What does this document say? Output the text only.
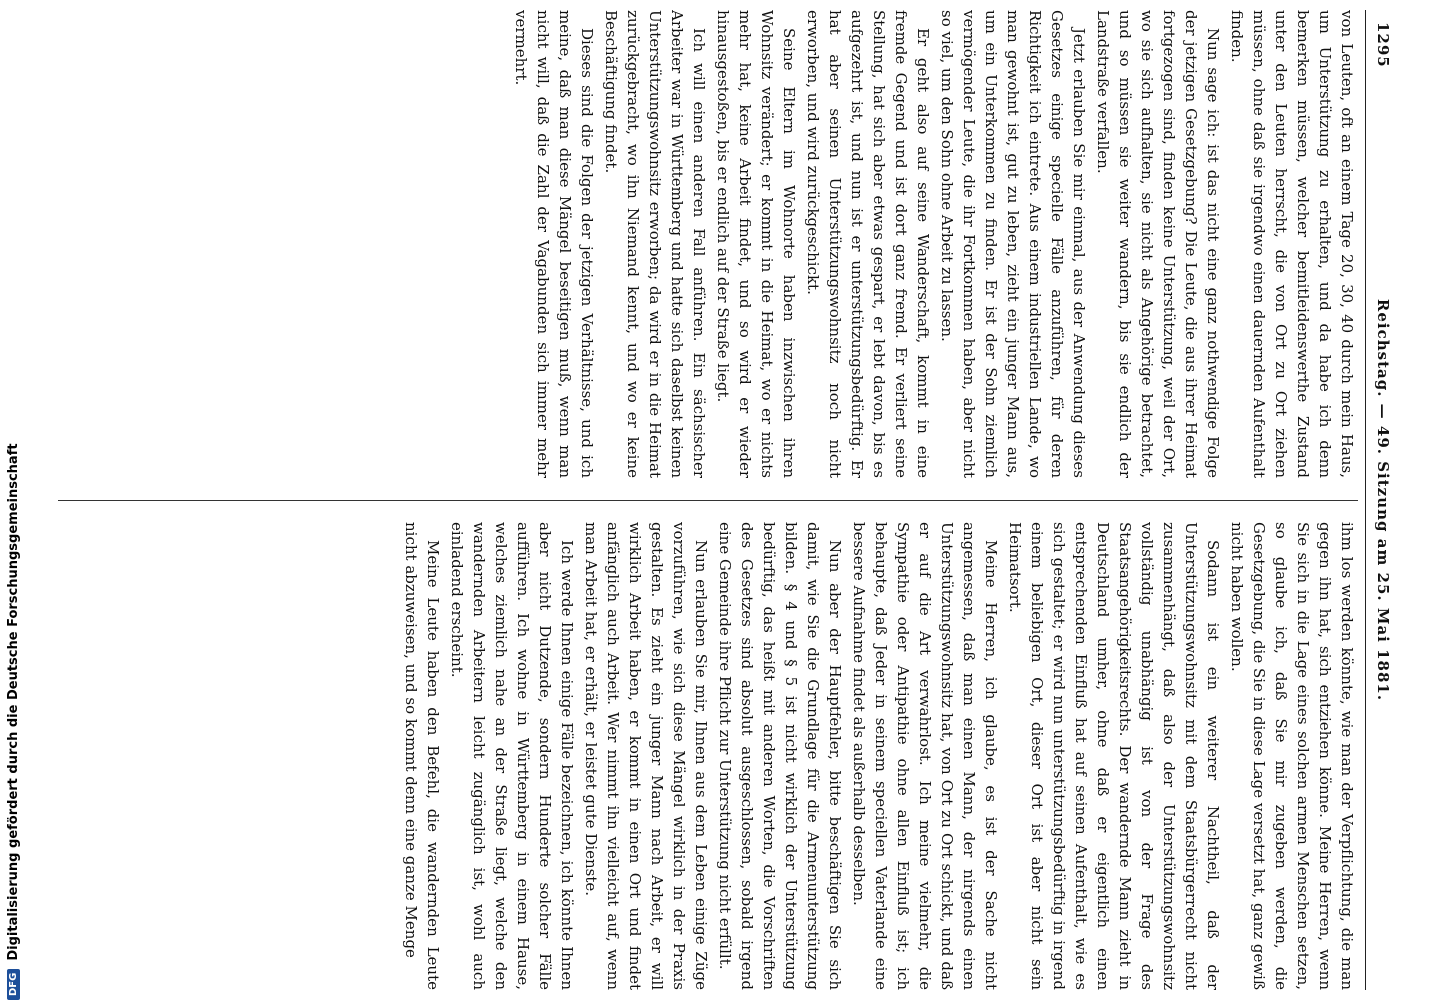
1295
Reichstag. — 49. Sitzung am 25. Mai 1881.

von Leuten, oft an einem Tage 20, 30, 40 durch mein Haus, um Unterstützung zu erhalten, und da habe ich denn bemerken müssen, welcher bemitleidenswerthe Zustand unter den Leuten herrscht, die von Ort zu Ort ziehen müssen, ohne daß sie irgendwo einen dauernden Aufenthalt finden.

Nun sage ich: ist das nicht eine ganz nothwendige Folge der jetzigen Gesetzgebung? Die Leute, die aus ihrer Heimat fortgezogen sind, finden keine Unterstützung, weil der Ort, wo sie sich aufhalten, sie nicht als Angehörige betrachtet, und so müssen sie weiter wandern, bis sie endlich der Landstraße verfallen.

Jetzt erlauben Sie mir einmal, aus der Anwendung dieses Gesetzes einige specielle Fälle anzuführen, für deren Richtigkeit ich eintrete. Aus einem industriellen Lande, wo man gewohnt ist, gut zu leben, zieht ein junger Mann aus, um ein Unterkommen zu finden. Er ist der Sohn ziemlich vermögender Leute, die ihr Fortkommen haben, aber nicht so viel, um den Sohn ohne Arbeit zu lassen.

Er geht also auf seine Wanderschaft, kommt in eine fremde Gegend und ist dort ganz fremd. Er verliert seine Stellung, hat sich aber etwas gespart, er lebt davon, bis es aufgezehrt ist, und nun ist er unterstützungsbedürftig. Er hat aber seinen Unterstützungswohnsitz noch nicht erworben, und wird zurückgeschickt.

Seine Eltern im Wohnorte haben inzwischen ihren Wohnsitz verändert; er kommt in die Heimat, wo er nichts mehr hat, keine Arbeit findet, und so wird er wieder hinausgestoßen, bis er endlich auf der Straße liegt.

Ich will einen anderen Fall anführen. Ein sächsischer Arbeiter war in Württemberg und hatte sich daselbst keinen Unterstützungswohnsitz erworben; da wird er in die Heimat zurückgebracht, wo ihn Niemand kennt, und wo er keine Beschäftigung findet.

Dieses sind die Folgen der jetzigen Verhältnisse, und ich meine, daß man diese Mängel beseitigen muß, wenn man nicht will, daß die Zahl der Vagabunden sich immer mehr vermehrt.

ihm los werden könnte, wie man der Verpflichtung, die man gegen ihn hat, sich entziehen könne. Meine Herren, wenn Sie sich in die Lage eines solchen armen Menschen setzen, so glaube ich, daß Sie mir zugeben werden, die Gesetzgebung, die Sie in diese Lage versetzt hat, ganz gewiß nicht haben wollen.

Sodann ist ein weiterer Nachtheil, daß der Unterstützungswohnsitz mit dem Staatsbürgerrecht nicht zusammenhängt, daß also der Unterstützungswohnsitz vollständig unabhängig ist von der Frage des Staatsangehörigkeitsrechts. Der wandernde Mann zieht in Deutschland umher, ohne daß er eigentlich einen entsprechenden Einfluß hat auf seinen Aufenthalt, wie es sich gestaltet; er wird nun unterstützungsbedürftig in irgend einem beliebigen Ort, dieser Ort ist aber nicht sein Heimatsort.

Meine Herren, ich glaube, es ist der Sache nicht angemessen, daß man einen Mann, der nirgends einen Unterstützungswohnsitz hat, von Ort zu Ort schickt, und daß er auf die Art verwahrlost. Ich meine vielmehr, die Sympathie oder Antipathie ohne allen Einfluß ist; ich behaupte, daß Jeder in seinem speciellen Vaterlande eine bessere Aufnahme findet als außerhalb desselben.

Nun aber der Hauptfehler, bitte beschäftigen Sie sich damit, wie Sie die Grundlage für die Armenunterstützung bilden. § 4 und § 5 ist nicht wirklich der Unterstützung bedürftig, das heißt mit anderen Worten, die Vorschriften des Gesetzes sind absolut ausgeschlossen, sobald irgend eine Gemeinde ihre Pflicht zur Unterstützung nicht erfüllt.

Nun erlauben Sie mir, Ihnen aus dem Leben einige Züge vorzuführen, wie sich diese Mängel wirklich in der Praxis gestalten. Es zieht ein junger Mann nach Arbeit, er will wirklich Arbeit haben, er kommt in einen Ort und findet anfänglich auch Arbeit. Wer nimmt ihn vielleicht auf, wenn man Arbeit hat, er erhält, er leistet gute Dienste.

Ich werde Ihnen einige Fälle bezeichnen, ich könnte Ihnen aber nicht Dutzende, sondern Hunderte solcher Fälle aufführen. Ich wohne in Württemberg in einem Hause, welches ziemlich nahe an der Straße liegt, welche den wandernden Arbeitern leicht zugänglich ist, wohl auch einladend erscheint.

Meine Leute haben den Befehl, die wandernden Leute nicht abzuweisen, und so kommt denn eine ganze Menge

DFG
Digitalisierung gefördert durch die Deutsche Forschungsgemeinschaft
